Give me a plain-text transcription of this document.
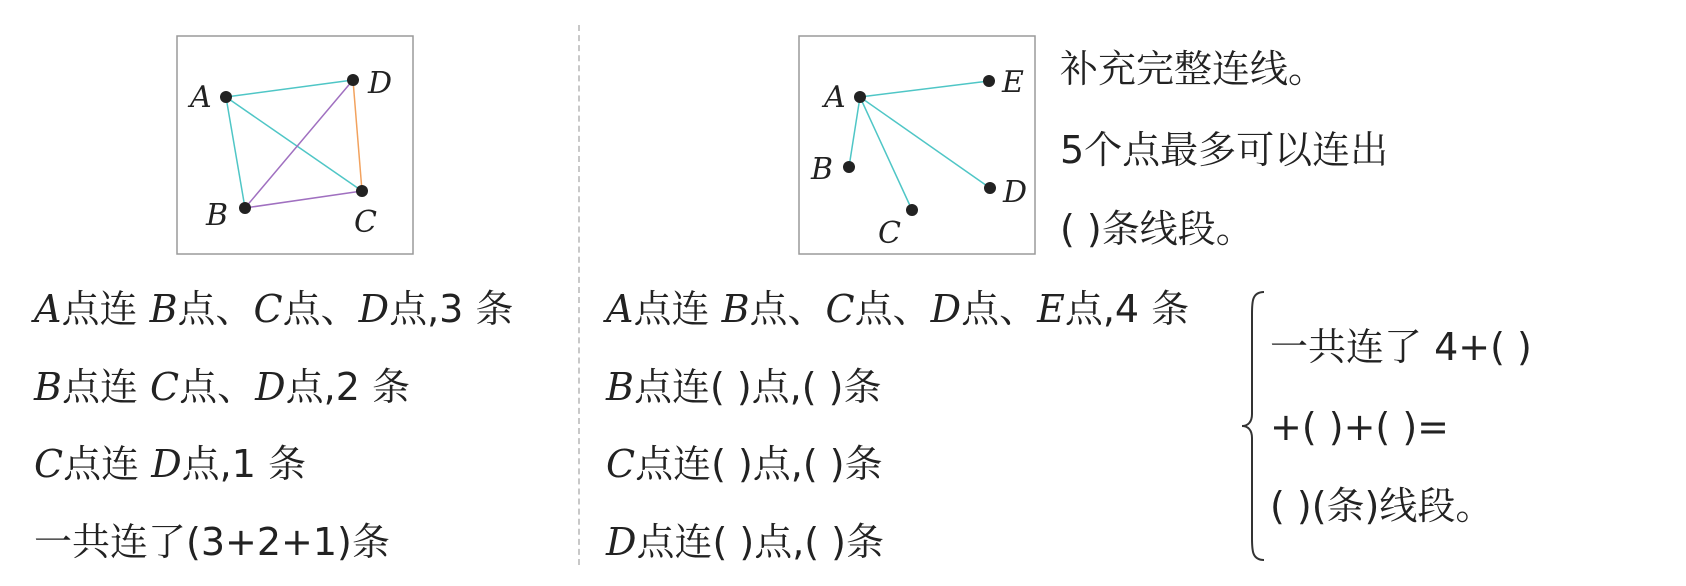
A
B	C
D	A
B
C
D
E 补充完整连线。
5个点最多可以连出
( )条线段。
A点连 B点、C点、D点,3 条
B点连 C点、D点,2 条
C点连 D点,1 条
一共连了(3+2+1)条
A点连 B点、C点、D点、E点,4 条
B点连( )点,( )条
C点连( )点,( )条
D点连( )点,( )条
一共连了 4+( )
+( )+( )=
( )(条)线段。
